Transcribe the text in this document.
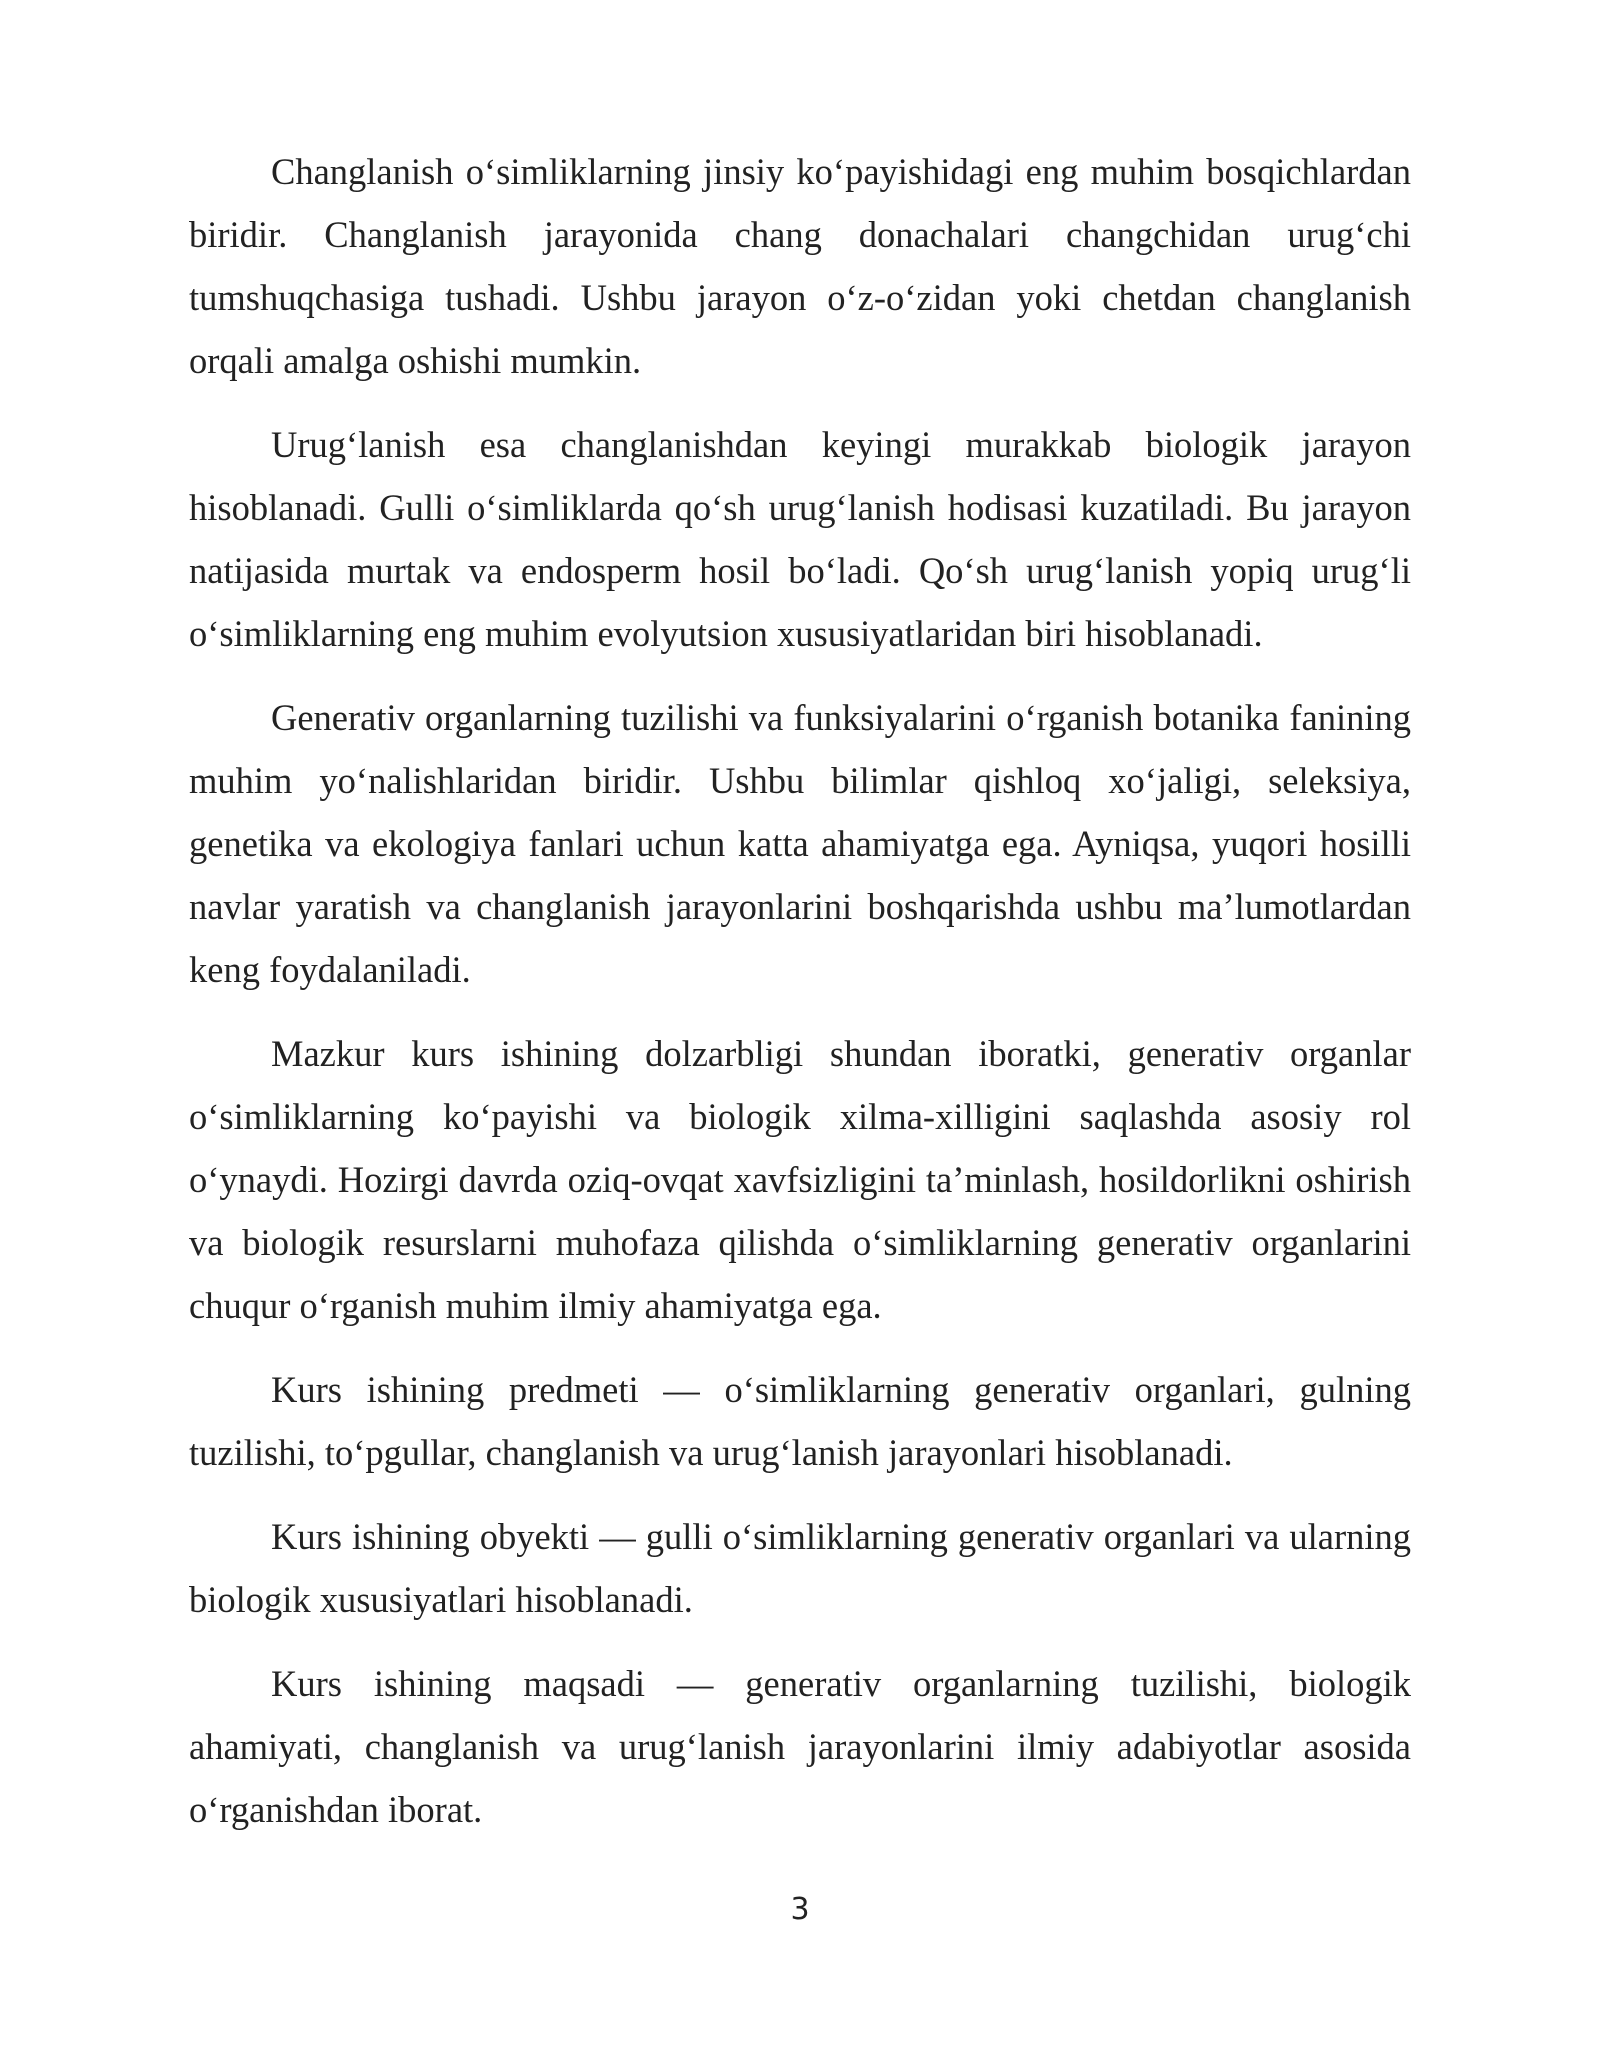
Changlanish o‘simliklarning jinsiy ko‘payishidagi eng muhim bosqichlardan biridir. Changlanish jarayonida chang donachalari changchidan urug‘chi tumshuqchasiga tushadi. Ushbu jarayon o‘z-o‘zidan yoki chetdan changlanish orqali amalga oshishi mumkin.

Urug‘lanish esa changlanishdan keyingi murakkab biologik jarayon hisoblanadi. Gulli o‘simliklarda qo‘sh urug‘lanish hodisasi kuzatiladi. Bu jarayon natijasida murtak va endosperm hosil bo‘ladi. Qo‘sh urug‘lanish yopiq urug‘li o‘simliklarning eng muhim evolyutsion xususiyatlaridan biri hisoblanadi.

Generativ organlarning tuzilishi va funksiyalarini o‘rganish botanika fanining muhim yo‘nalishlaridan biridir. Ushbu bilimlar qishloq xo‘jaligi, seleksiya, genetika va ekologiya fanlari uchun katta ahamiyatga ega. Ayniqsa, yuqori hosilli navlar yaratish va changlanish jarayonlarini boshqarishda ushbu ma’lumotlardan keng foydalaniladi.

Mazkur kurs ishining dolzarbligi shundan iboratki, generativ organlar o‘simliklarning ko‘payishi va biologik xilma-xilligini saqlashda asosiy rol o‘ynaydi. Hozirgi davrda oziq-ovqat xavfsizligini ta’minlash, hosildorlikni oshirish va biologik resurslarni muhofaza qilishda o‘simliklarning generativ organlarini chuqur o‘rganish muhim ilmiy ahamiyatga ega.

Kurs ishining predmeti — o‘simliklarning generativ organlari, gulning tuzilishi, to‘pgullar, changlanish va urug‘lanish jarayonlari hisoblanadi.

Kurs ishining obyekti — gulli o‘simliklarning generativ organlari va ularning biologik xususiyatlari hisoblanadi.

Kurs ishining maqsadi — generativ organlarning tuzilishi, biologik ahamiyati, changlanish va urug‘lanish jarayonlarini ilmiy adabiyotlar asosida o‘rganishdan iborat.

3
